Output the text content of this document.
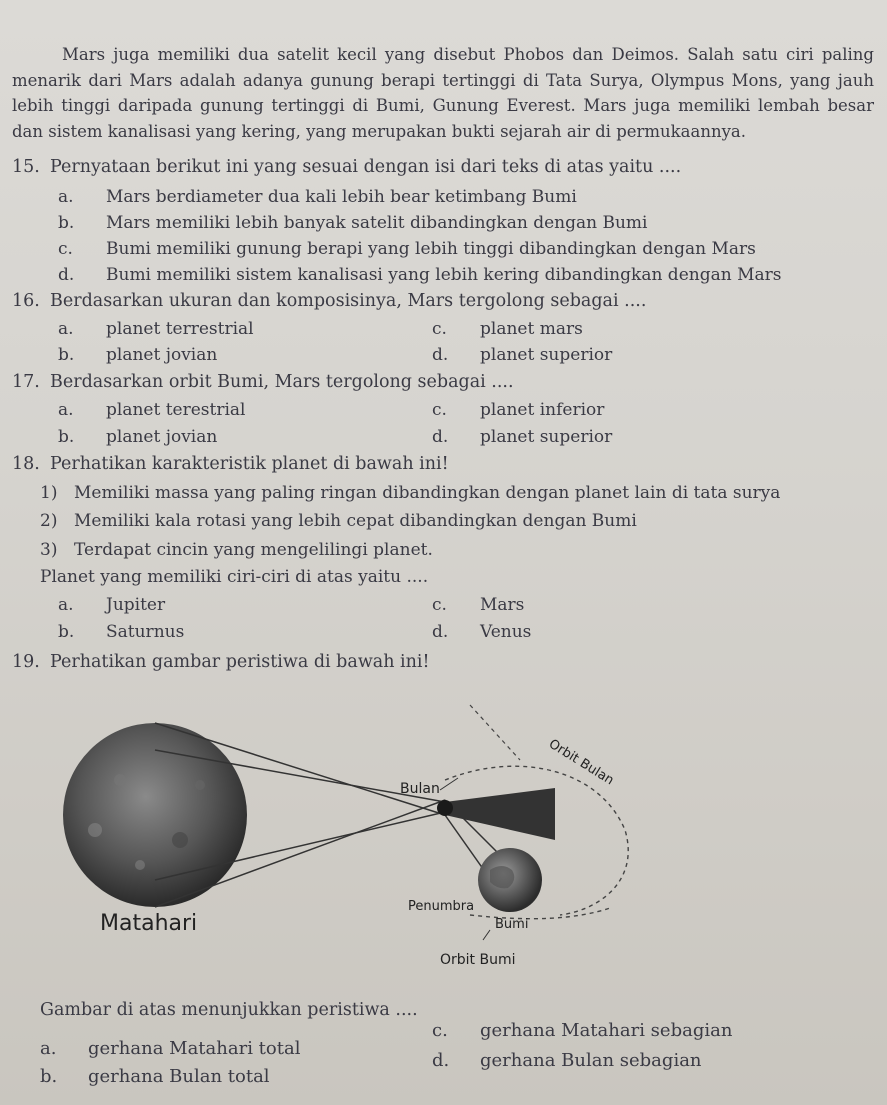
Mars juga memiliki dua satelit kecil yang disebut Phobos dan Deimos. Salah satu ciri paling menarik dari Mars adalah adanya gunung berapi tertinggi di Tata Surya, Olympus Mons, yang jauh lebih tinggi daripada gunung tertinggi di Bumi, Gunung Everest. Mars juga memiliki lembah besar dan sistem kanalisasi yang kering, yang merupakan bukti sejarah air di permukaannya.

15. Pernyataan berikut ini yang sesuai dengan isi dari teks di atas yaitu ....
a. Mars berdiameter dua kali lebih bear ketimbang Bumi
b. Mars memiliki lebih banyak satelit dibandingkan dengan Bumi
c. Bumi memiliki gunung berapi yang lebih tinggi dibandingkan dengan Mars
d. Bumi memiliki sistem kanalisasi yang lebih kering dibandingkan dengan Mars
16. Berdasarkan ukuran dan komposisinya, Mars tergolong sebagai ....
a. planet terrestrial
b. planet jovian
c. planet mars
d. planet superior
17. Berdasarkan orbit Bumi, Mars tergolong sebagai ....
a. planet terestrial
b. planet jovian
c. planet inferior
d. planet superior
18. Perhatikan karakteristik planet di bawah ini!
1) Memiliki massa yang paling ringan dibandingkan dengan planet lain di tata surya
2) Memiliki kala rotasi yang lebih cepat dibandingkan dengan Bumi
3) Terdapat cincin yang mengelilingi planet.
Planet yang memiliki ciri-ciri di atas yaitu ....
a. Jupiter
b. Saturnus
c. Mars
d. Venus
19. Perhatikan gambar peristiwa di bawah ini!
Bulan
Orbit Bulan
Penumbra
Bumi
Matahari
Orbit Bumi
Gambar di atas menunjukkan peristiwa ....
a. gerhana Matahari total
b. gerhana Bulan total
c. gerhana Matahari sebagian
d. gerhana Bulan sebagian
